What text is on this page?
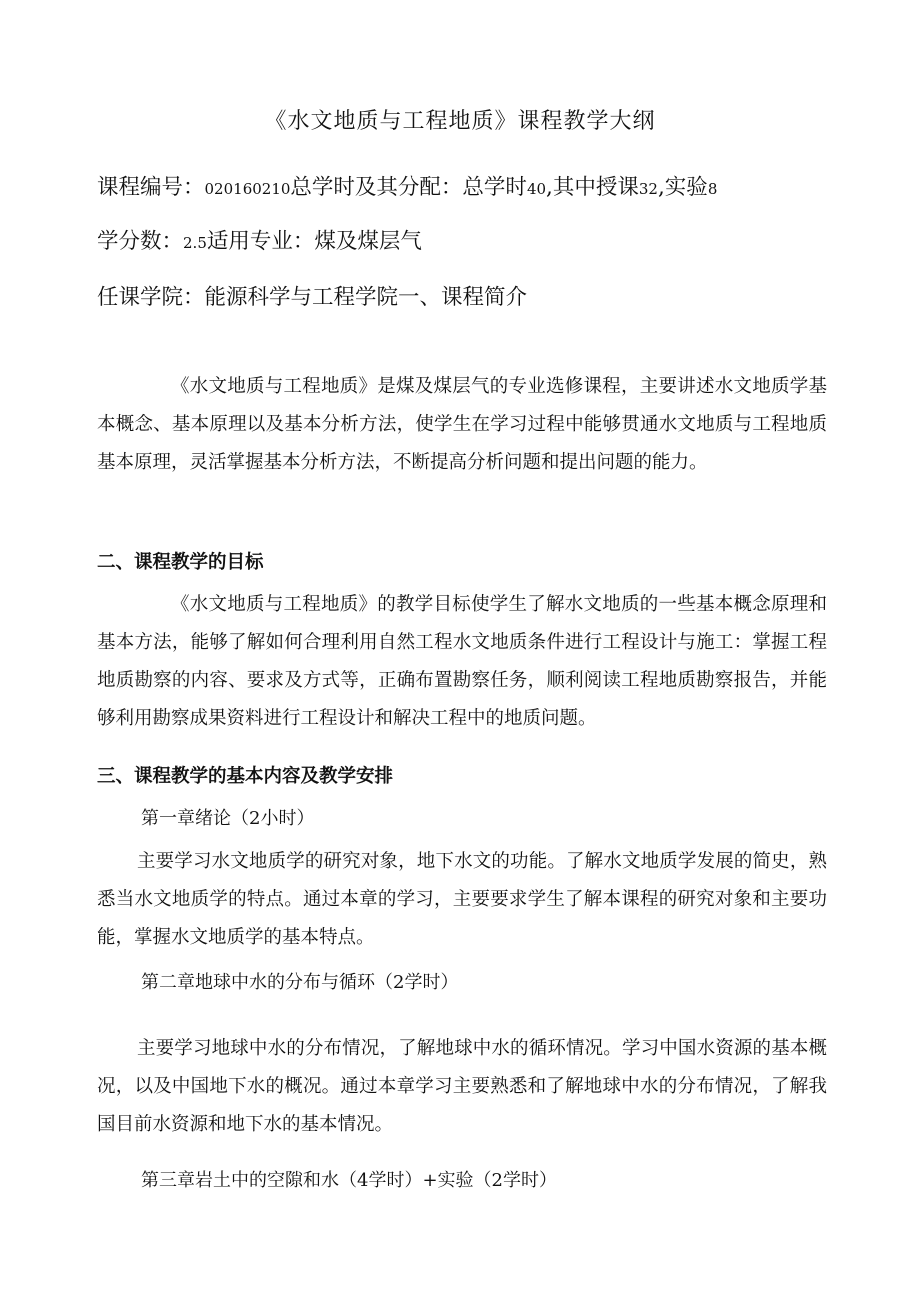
《水文地质与工程地质》课程教学大纲
课程编号：020160210总学时及其分配：总学时40,其中授课32,实验8
学分数：2.5适用专业：煤及煤层气
任课学院：能源科学与工程学院一、课程简介
《水文地质与工程地质》是煤及煤层气的专业选修课程，主要讲述水文地质学基本概念、基本原理以及基本分析方法，使学生在学习过程中能够贯通水文地质与工程地质基本原理，灵活掌握基本分析方法，不断提高分析问题和提出问题的能力。
二、课程教学的目标
《水文地质与工程地质》的教学目标使学生了解水文地质的一些基本概念原理和基本方法，能够了解如何合理利用自然工程水文地质条件进行工程设计与施工：掌握工程地质勘察的内容、要求及方式等，正确布置勘察任务，顺利阅读工程地质勘察报告，并能够利用勘察成果资料进行工程设计和解决工程中的地质问题。
三、课程教学的基本内容及教学安排
第一章绪论（2小时）
主要学习水文地质学的研究对象，地下水文的功能。了解水文地质学发展的简史，熟悉当水文地质学的特点。通过本章的学习，主要要求学生了解本课程的研究对象和主要功能，掌握水文地质学的基本特点。
第二章地球中水的分布与循环（2学时）
主要学习地球中水的分布情况，了解地球中水的循环情况。学习中国水资源的基本概况，以及中国地下水的概况。通过本章学习主要熟悉和了解地球中水的分布情况，了解我国目前水资源和地下水的基本情况。
第三章岩土中的空隙和水（4学时）+实验（2学时）
